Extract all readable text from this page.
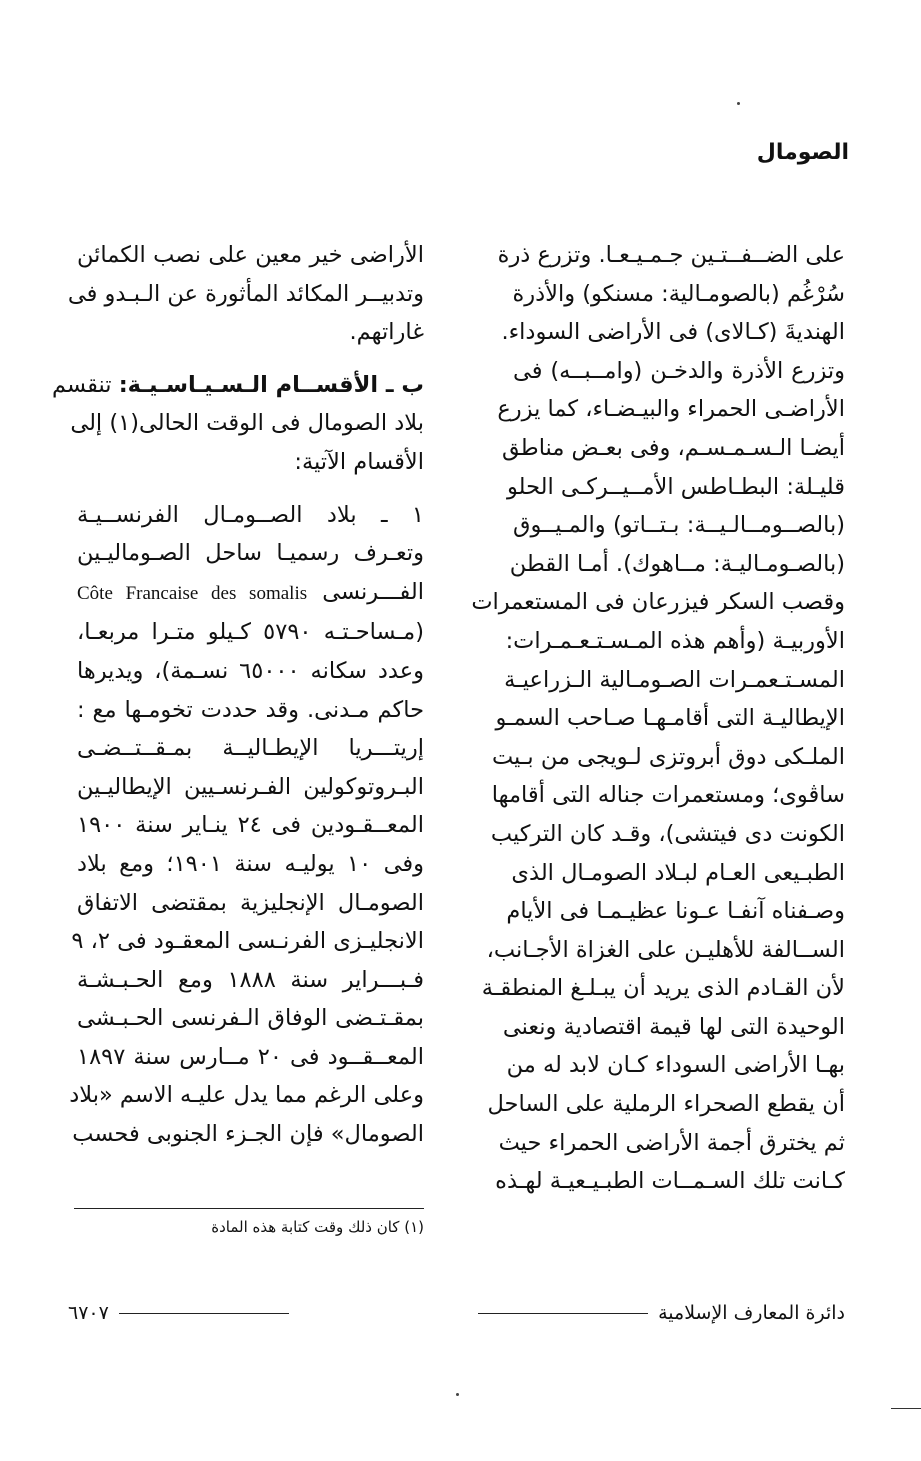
الصومال
على الضــفــتـين جـمـيـعـا. وتزرع ذرة
سُرْغُم (بالصومـالية: مسنكو) والأذرة
الهنديةَ (كـالاى) فى الأراضى السوداء.
وتزرع الأذرة والدخـن (وامــبــه) فى
الأراضـى الحمراء والبيـضـاء، كما يزرع
أيضـا الـسـمـسـم، وفى بعـض مناطق
قليـلة: البطـاطس الأمــيــركـى الحلو
(بالصــومــالـيــة: بـتــاتو) والمـيــوق
(بالصـومـاليـة: مــاهوك). أمـا القطن
وقصب السكر فيزرعان فى المستعمرات
الأوربيـة (وأهم هذه المـسـتـعـمـرات:
المسـتـعمـرات الصـومـالية الـزراعيـة
الإيطاليـة التى أقامـهـا صـاحب السمـو
الملـكى دوق أبروتزى لـويجى من بـيت
ساڤوى؛ ومستعمرات جناله التى أقامها
الكونت دى فيتشى)، وقـد كان التركيب
الطبـيعى العـام لبـلاد الصومـال الذى
وصـفناه آنفـا عـونا عظيـمـا فى الأيام
الســالفة للأهليـن على الغزاة الأجـانب،
لأن القـادم الذى يريد أن يبـلـغ المنطقـة
الوحيدة التى لها قيمة اقتصادية ونعنى
بهـا الأراضى السوداء كـان لابد له من
أن يقطع الصحراء الرملية على الساحل
ثم يخترق أجمة الأراضى الحمراء حيث
كـانت تلك السـمــات الطبـيـعيـة لهـذه
الأراضى خير معين على نصب الكمائن
وتدبيــر المكائد المأثورة عن الـبـدو فى
غاراتهم.
ب ـ الأقســام الـسـيـاسـيـة: تنقسم
بلاد الصومال فى الوقت الحالى(١) إلى
الأقسام الآتية:
١ ـ بلاد الصــومـال الفرنســيـة
وتعـرف رسميـا ساحل الصـوماليـين
الفـــرنسى Côte Francaise des somalis
(مـساحـتـه ٥٧٩٠ كـيلو متـرا مربعـا،
وعدد سكانه ٦٥٠٠٠ نسـمة)، ويديرها
حاكم مـدنى. وقد حددت تخومـها مع :
إريتـــريا الإيطـاليــة بمـقــتــضـى
البـروتوكولين الفـرنسـيين الإيطاليـين
المعــقـودين فى ٢٤ ينـاير سنة ١٩٠٠
وفى ١٠ يوليـه سنة ١٩٠١؛ ومع بلاد
الصومـال الإنجليزية بمقتضى الاتفاق
الانجليـزى الفرنـسى المعقـود فى ٢، ٩
فـبـــراير سنة ١٨٨٨ ومع الحـبـشـة
بمقـتـضى الوفاق الـفرنسى الحـبـشى
المعــقــود فى ٢٠ مــارس سنة ١٨٩٧
وعلى الرغم مما يدل عليـه الاسم «بلاد
الصومال» فإن الجـزء الجنوبى فحسب
(١) كان ذلك وقت كتابة هذه المادة
دائرة المعارف الإسلامية
٦٧٠٧
